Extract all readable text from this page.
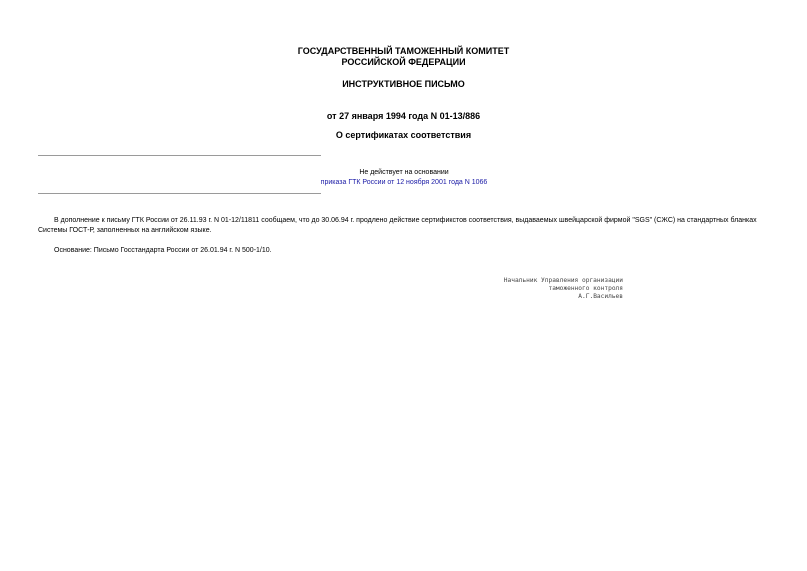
ГОСУДАРСТВЕННЫЙ ТАМОЖЕННЫЙ КОМИТЕТ
РОССИЙСКОЙ ФЕДЕРАЦИИ
ИНСТРУКТИВНОЕ ПИСЬМО
от 27 января 1994 года N 01-13/886
О сертификатах соответствия
Не действует на основании
приказа ГТК России от 12 ноября 2001 года N 1066
В дополнение к письму ГТК России от 26.11.93 г. N 01-12/11811 сообщаем, что до 30.06.94 г. продлено действие сертификстов соответствия, выдаваемых швейцарской фирмой "SGS" (СЖС) на стандартных бланках Системы ГОСТ-Р, заполненных на английском языке.
Основание: Письмо Госстандарта России от 26.01.94 г. N 500-1/10.
Начальник Управления организации
таможенного контроля
А.Г.Васильев
